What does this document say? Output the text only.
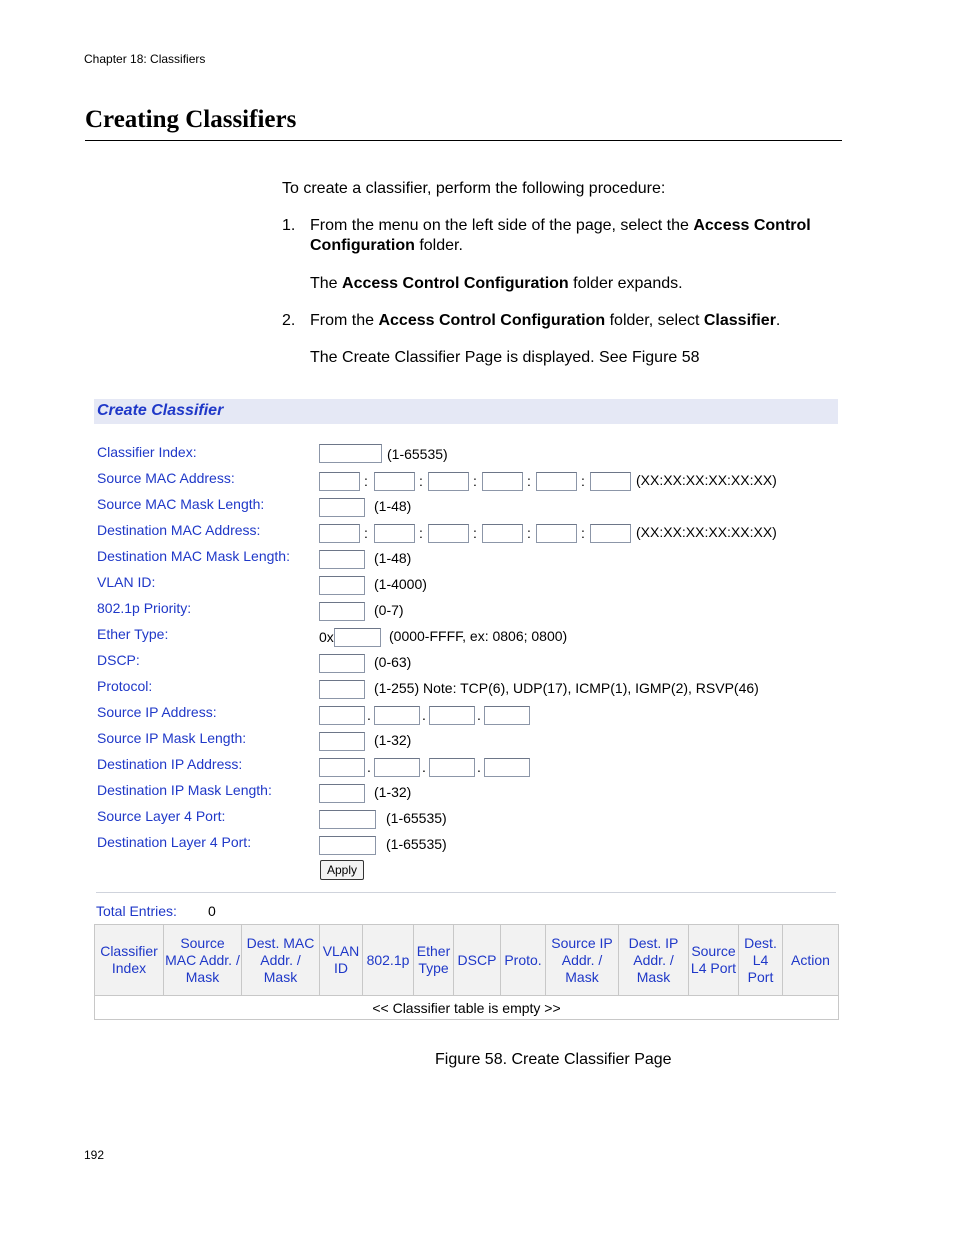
Chapter 18: Classifiers
Creating Classifiers
To create a classifier, perform the following procedure:
1. From the menu on the left side of the page, select the Access Control Configuration folder.
The Access Control Configuration folder expands.
2. From the Access Control Configuration folder, select Classifier.
The Create Classifier Page is displayed. See Figure 58
Create Classifier
Classifier Index:	(1-65535)
Source MAC Address:	:	:	:	:	:	(XX:XX:XX:XX:XX:XX)
Source MAC Mask Length:	(1-48)
Destination MAC Address:	:	:	:	:	:	(XX:XX:XX:XX:XX:XX)
Destination MAC Mask Length:	(1-48)
VLAN ID:	(1-4000)
802.1p Priority:	(0-7)
Ether Type:	0x	(0000-FFFF, ex: 0806; 0800)
DSCP:	(0-63)
Protocol:	(1-255) Note: TCP(6), UDP(17), ICMP(1), IGMP(2), RSVP(46)
Source IP Address:	.	.	.
Source IP Mask Length:	(1-32)
Destination IP Address:	.	.	.
Destination IP Mask Length:	(1-32)
Source Layer 4 Port:	(1-65535)
Destination Layer 4 Port:	(1-65535)
Apply
Total Entries: 0
Classifier Index	Source MAC Addr. / Mask	Dest. MAC Addr. / Mask	VLAN ID	802.1p	Ether Type	DSCP	Proto.	Source IP Addr. / Mask	Dest. IP Addr. / Mask	Source L4 Port	Dest. L4 Port	Action
<< Classifier table is empty >>
Figure 58. Create Classifier Page
192
